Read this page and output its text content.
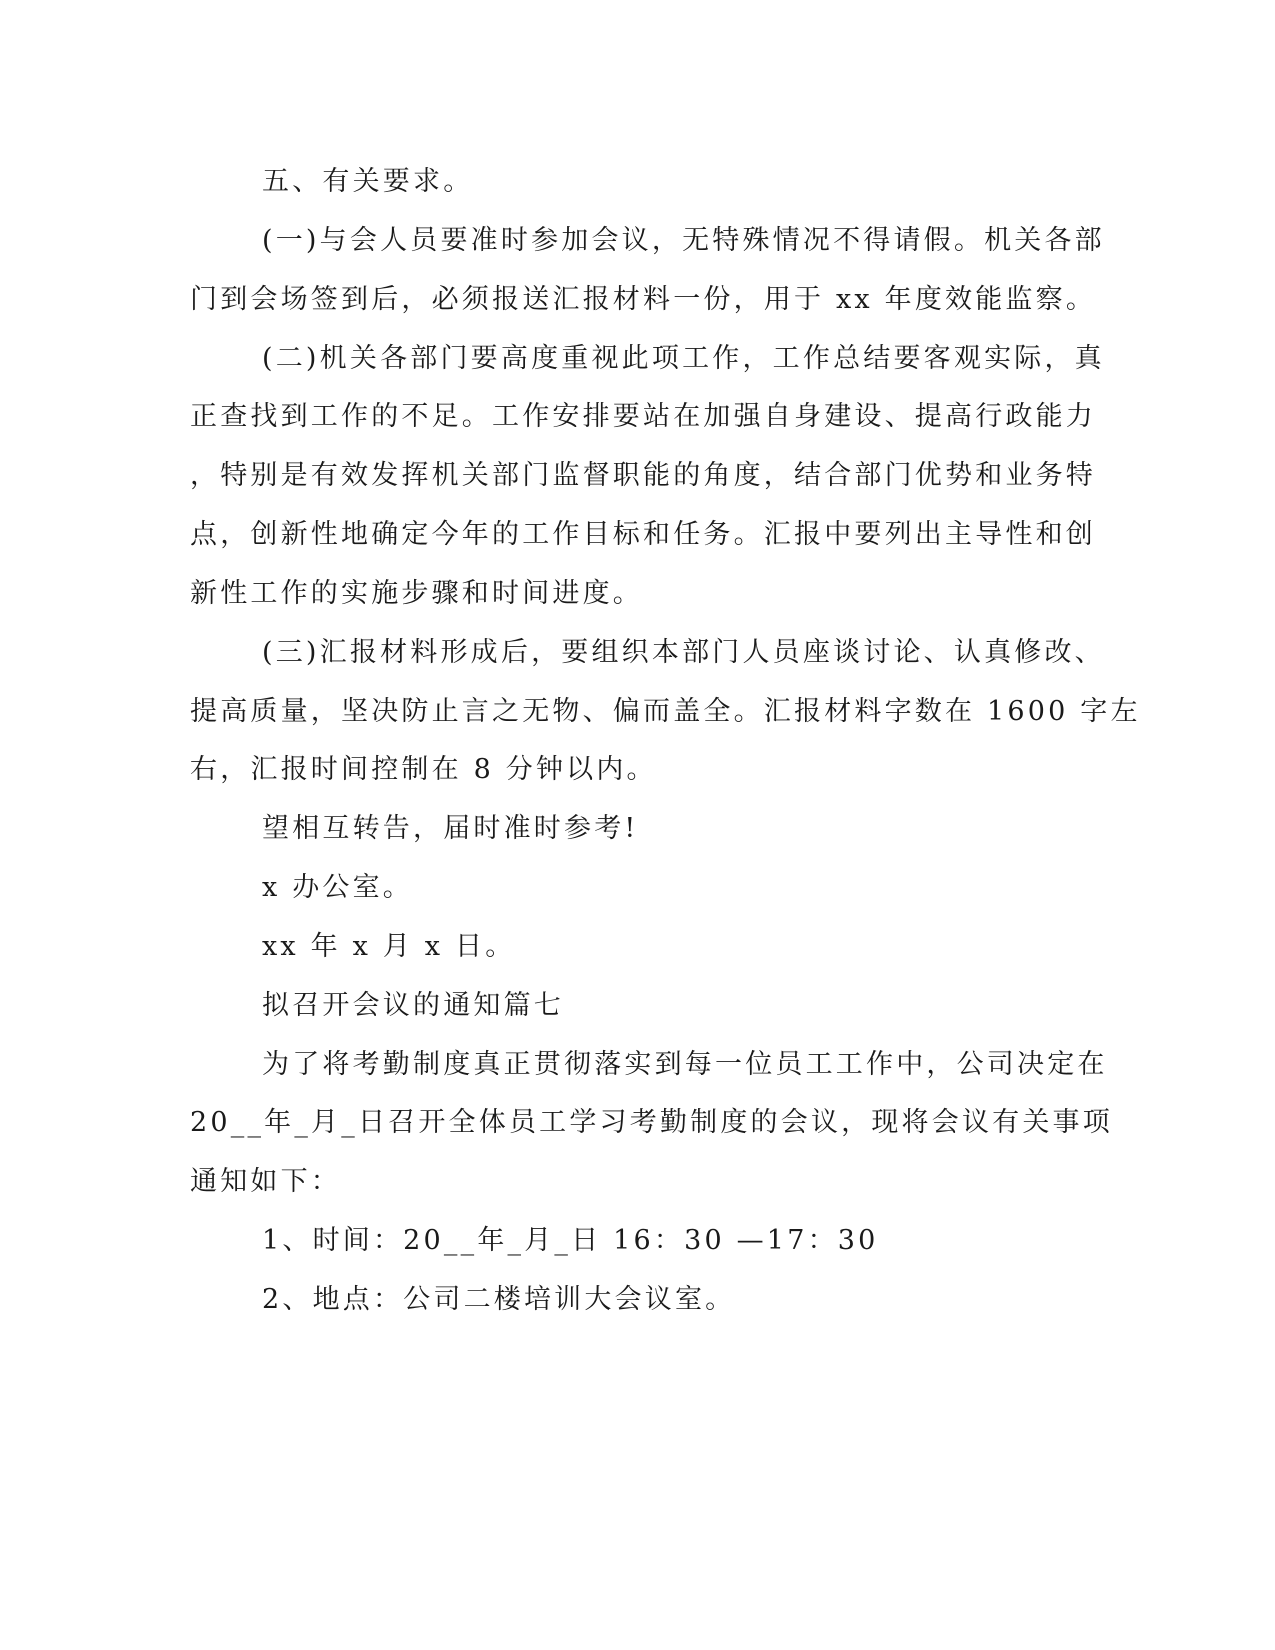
五、有关要求。
(一)与会人员要准时参加会议，无特殊情况不得请假。机关各部
门到会场签到后，必须报送汇报材料一份，用于 xx 年度效能监察。
(二)机关各部门要高度重视此项工作，工作总结要客观实际，真
正查找到工作的不足。工作安排要站在加强自身建设、提高行政能力
，特别是有效发挥机关部门监督职能的角度，结合部门优势和业务特
点，创新性地确定今年的工作目标和任务。汇报中要列出主导性和创
新性工作的实施步骤和时间进度。
(三)汇报材料形成后，要组织本部门人员座谈讨论、认真修改、
提高质量，坚决防止言之无物、偏而盖全。汇报材料字数在 1600 字左
右，汇报时间控制在 8 分钟以内。
望相互转告，届时准时参考!
x 办公室。
xx 年 x 月 x 日。
拟召开会议的通知篇七
为了将考勤制度真正贯彻落实到每一位员工工作中，公司决定在
20__年_月_日召开全体员工学习考勤制度的会议，现将会议有关事项
通知如下：
1、时间：20__年_月_日 16：30 —17：30
2、地点：公司二楼培训大会议室。
